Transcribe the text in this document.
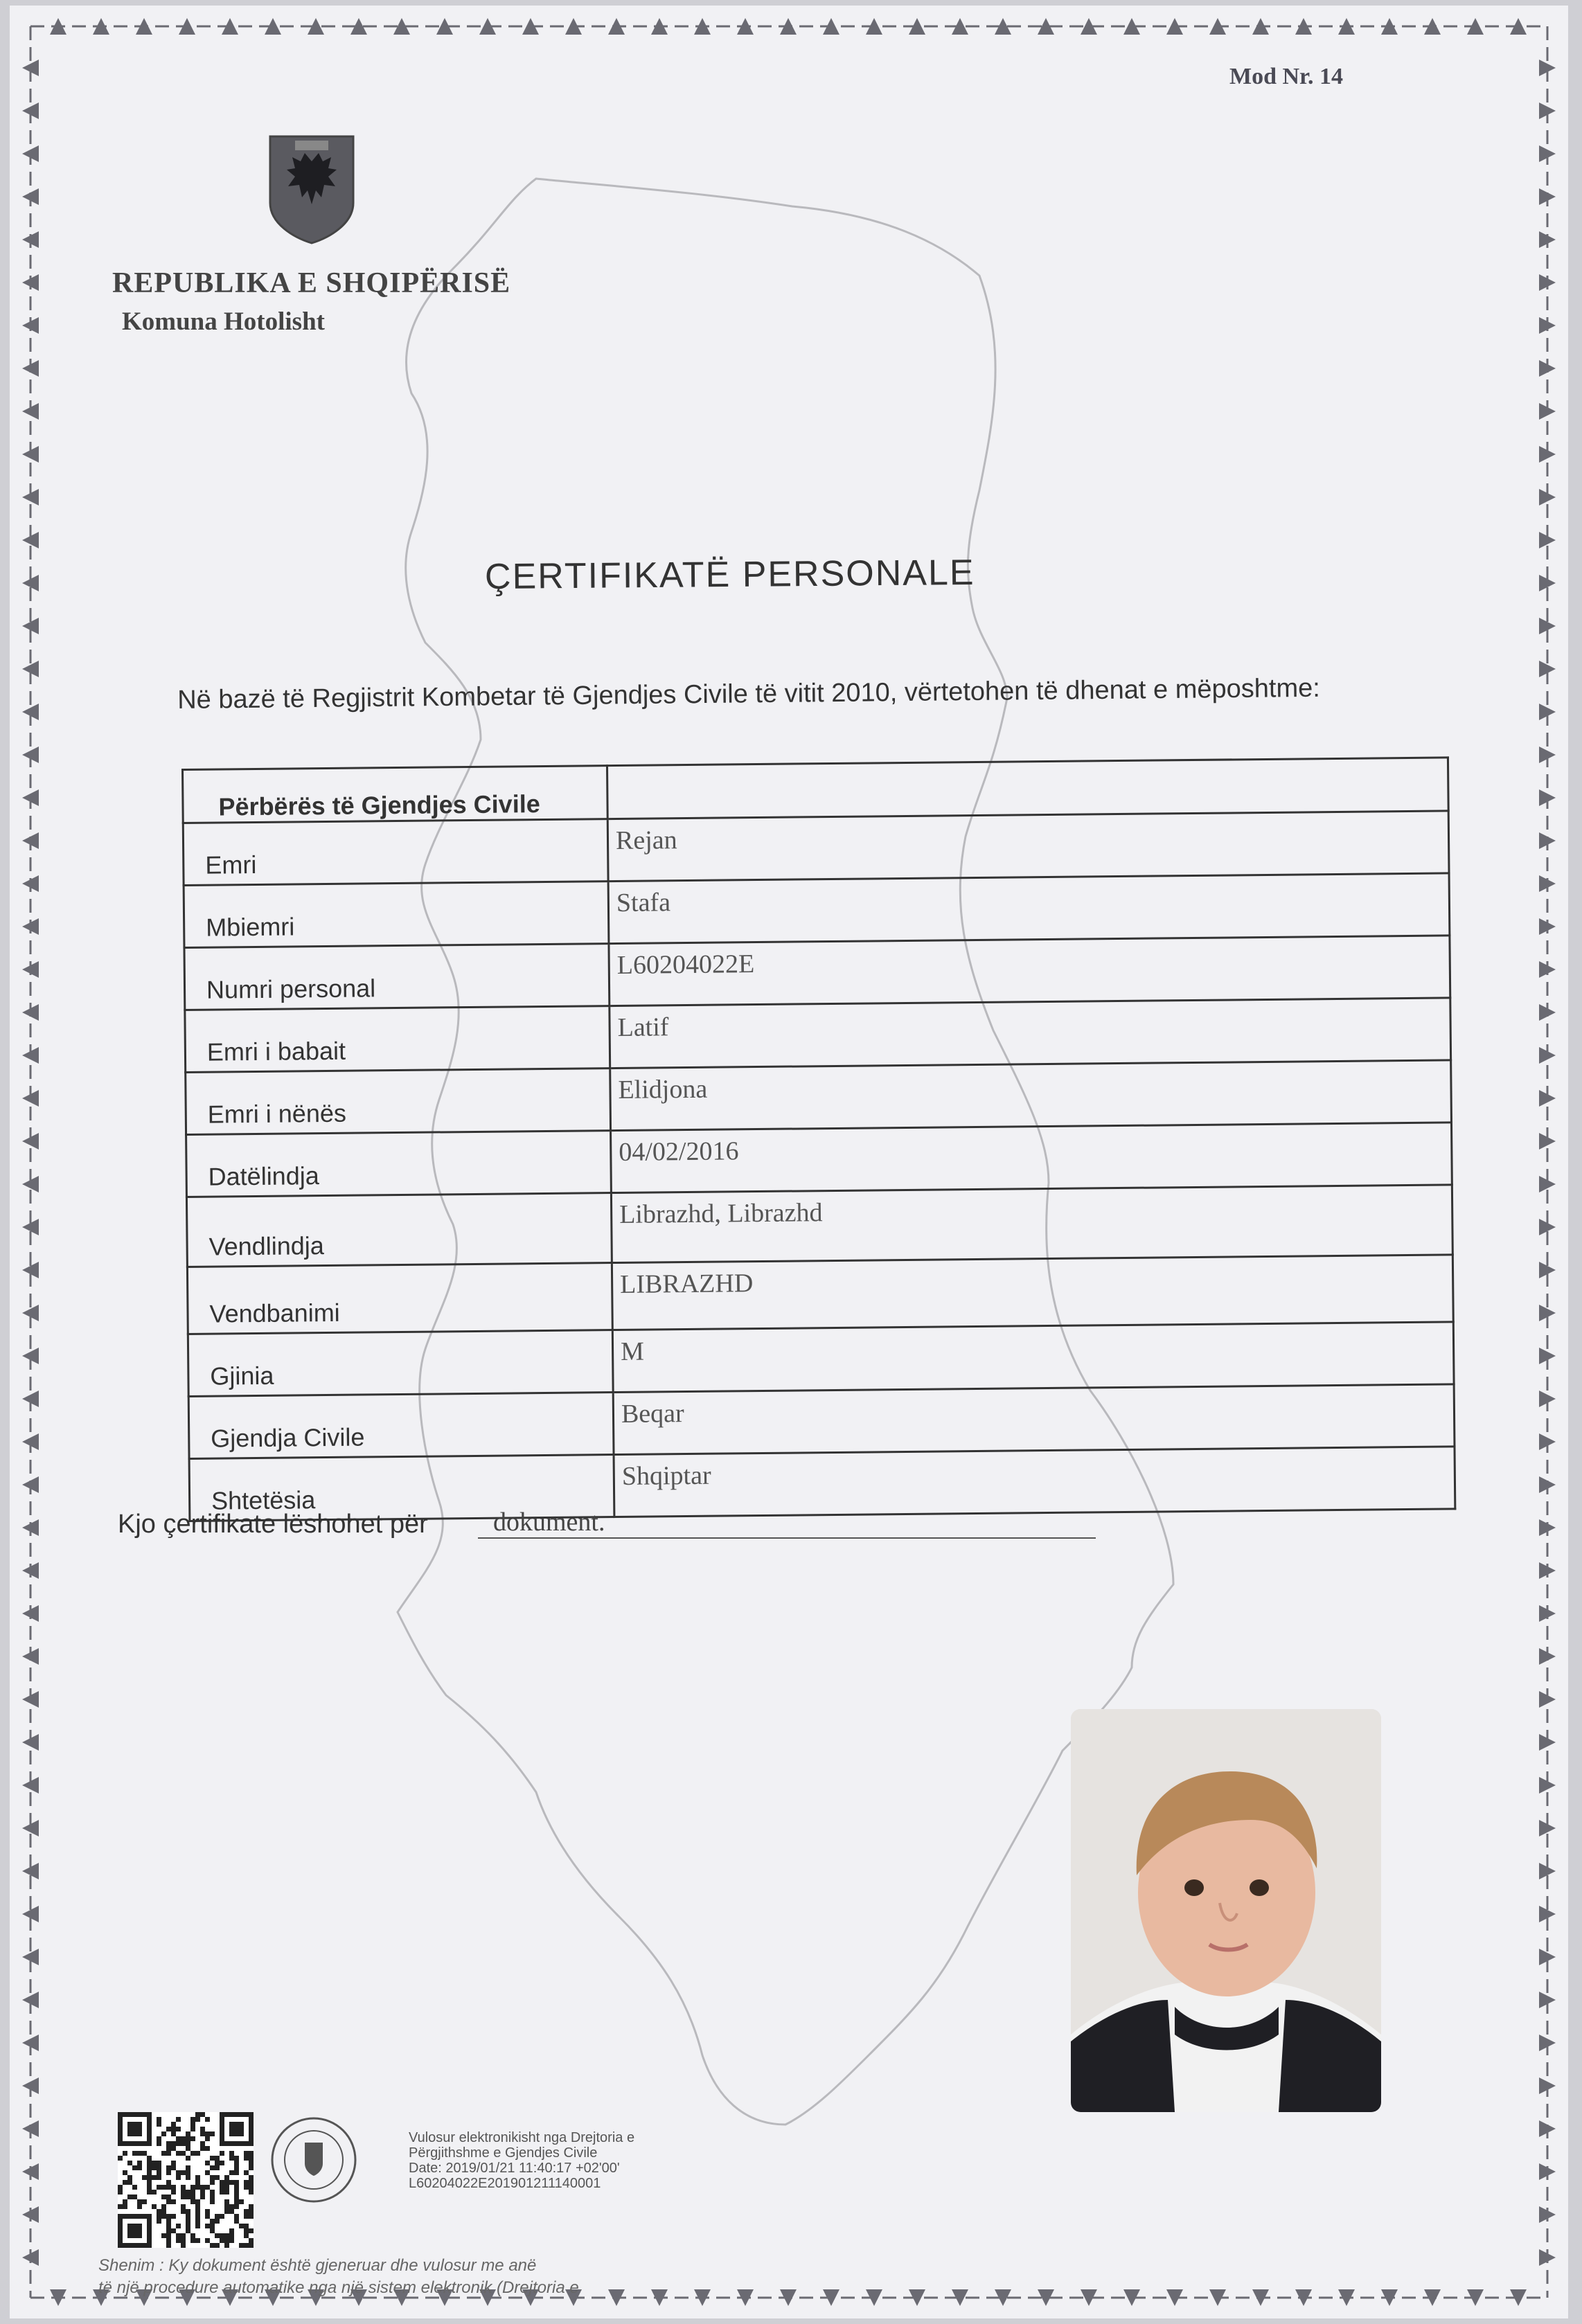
Mod Nr. 14
REPUBLIKA E SHQIPËRISË
Komuna Hotolisht
ÇERTIFIKATË PERSONALE
Në bazë të Regjistrit Kombetar të Gjendjes Civile të vitit 2010, vërtetohen të dhenat e mëposhtme:
Përbërës të Gjendjes Civile	
Emri	Rejan
Mbiemri	Stafa
Numri personal	L60204022E
Emri i babait	Latif
Emri i nënës	Elidjona
Datëlindja	04/02/2016
Vendlindja	Librazhd, Librazhd
Vendbanimi	LIBRAZHD
Gjinia	M
Gjendja Civile	Beqar
Shtetësia	Shqiptar
Kjo çertifikate lëshohet për	dokument.
Vulosur elektronikisht nga Drejtoria e
Përgjithshme e Gjendjes Civile
Date: 2019/01/21 11:40:17 +02'00'
L60204022E201901211140001
Shenim : Ky dokument është gjeneruar dhe vulosur me anë
të një procedure automatike nga një sistem elektronik (Drejtoria e
